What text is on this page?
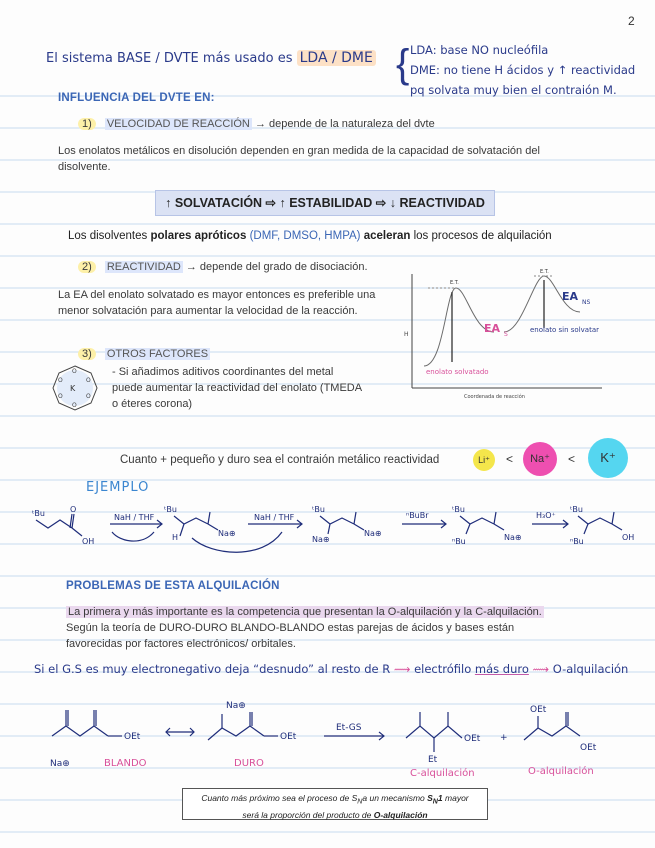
2
El sistema BASE / DVTE más usado es LDA / DME { LDA: base NO nucleófila
DME: no tiene H ácidos y ↑ reactividad
pq solvata muy bien el contraión M.
INFLUENCIA DEL DVTE EN:
1) VELOCIDAD DE REACCIÓN → depende de la naturaleza del dvte
Los enolatos metálicos en disolución dependen en gran medida de la capacidad de solvatación del disolvente.
↑ SOLVATACIÓN ⇨ ↑ ESTABILIDAD ⇨ ↓ REACTIVIDAD
Los disolventes polares apróticos (DMF, DMSO, HMPA) aceleran los procesos de alquilación
2) REACTIVIDAD → depende del grado de disociación.
La EA del enolato solvatado es mayor entonces es preferible una menor solvatación para aumentar la velocidad de la reacción.
3) OTROS FACTORES
O
O
O
O
O
O
K
- Si añadimos aditivos coordinantes del metal puede aumentar la reactividad del enolato (TMEDA o éteres corona)
H
E.T.
E.T.
EA NS
EA S
enolato sin solvatar
enolato solvatado
Coordenada de reacción
Cuanto + pequeño y duro sea el contraión metálico reactividad	Li⁺	<	Na⁺	<	K⁺
EJEMPLO
ᵗBu
OH
O
NaH / THF
ᵗBu
H	Na⊕
NaH / THF
ᵗBu
Na⊕
Na⊕
ⁿBuBr
ᵗBu
ⁿBu	Na⊕
H₃O⁺
ᵗBu
ⁿBu	OH
PROBLEMAS DE ESTA ALQUILACIÓN
La primera y más importante es la competencia que presentan la O-alquilación y la C-alquilación. Según la teoría de DURO-DURO BLANDO-BLANDO estas parejas de ácidos y bases están favorecidas por factores electrónicos/ orbitales.
Si el G.S es muy electronegativo deja “desnudo” al resto de R ⟿ electrófilo más duro ⟿ O-alquilación
OEt
Na⊕
Na⊕
OEt
Et-GS
OEt
Et
+
OEt
OEt
BLANDO	DURO
C-alquilación	O-alquilación
Cuanto más próximo sea el proceso de $S_Na$ un mecanismo $S_N1$ mayor
será la proporción del producto de O-alquilación
